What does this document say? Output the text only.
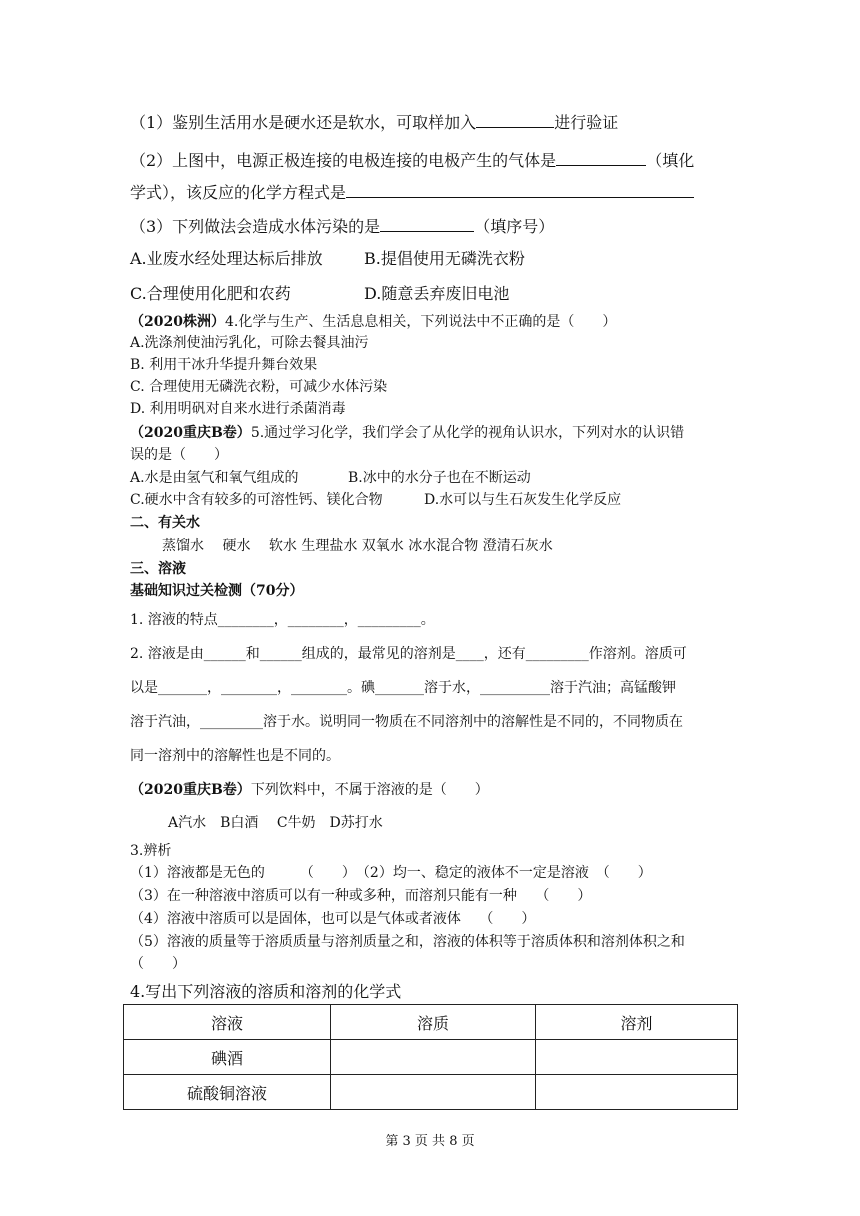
（1）鉴别生活用水是硬水还是软水，可取样加入	进行验证
（2）上图中，电源正极连接的电极连接的电极产生的气体是	（填化
学式），该反应的化学方程式是
（3）下列做法会造成水体污染的是	（填序号）
A.业废水经处理达标后排放	B.提倡使用无磷洗衣粉
C.合理使用化肥和农药	D.随意丢弃废旧电池
（2020株洲）4.化学与生产、生活息息相关，下列说法中不正确的是（　　）
A.洗涤剂使油污乳化，可除去餐具油污
B. 利用干冰升华提升舞台效果
C. 合理使用无磷洗衣粉，可减少水体污染
D. 利用明矾对自来水进行杀菌消毒
（2020重庆B卷）5.通过学习化学，我们学会了从化学的视角认识水，下列对水的认识错
误的是（　　）
A.水是由氢气和氧气组成的	B.冰中的水分子也在不断运动
C.硬水中含有较多的可溶性钙、镁化合物	D.水可以与生石灰发生化学反应
二、有关水
蒸馏水　 硬水　 软水 生理盐水 双氧水 冰水混合物 澄清石灰水
三、溶液
基础知识过关检测（70分）
1. 溶液的特点________，________，_________。
2. 溶液是由______和______组成的，最常见的溶剂是____，还有_________作溶剂。溶质可
以是_______，________，________。碘_______溶于水，__________溶于汽油；高锰酸钾
溶于汽油，_________溶于水。说明同一物质在不同溶剂中的溶解性是不同的，不同物质在
同一溶剂中的溶解性也是不同的。
（2020重庆B卷）下列饮料中，不属于溶液的是（　　）
A汽水　B白酒　 C牛奶　D苏打水
3.辨析
（1）溶液都是无色的　　　（　　）　（2）均一、稳定的液体不一定是溶液　（　　）
（3）在一种溶液中溶质可以有一种或多种，而溶剂只能有一种　 （　　）
（4）溶液中溶质可以是固体，也可以是气体或者液体　 （　　）
（5）溶液的质量等于溶质质量与溶剂质量之和，溶液的体积等于溶质体积和溶剂体积之和
（　　）
4.写出下列溶液的溶质和溶剂的化学式
溶液	溶质	溶剂
碘酒		
硫酸铜溶液		
第 3 页 共 8 页
